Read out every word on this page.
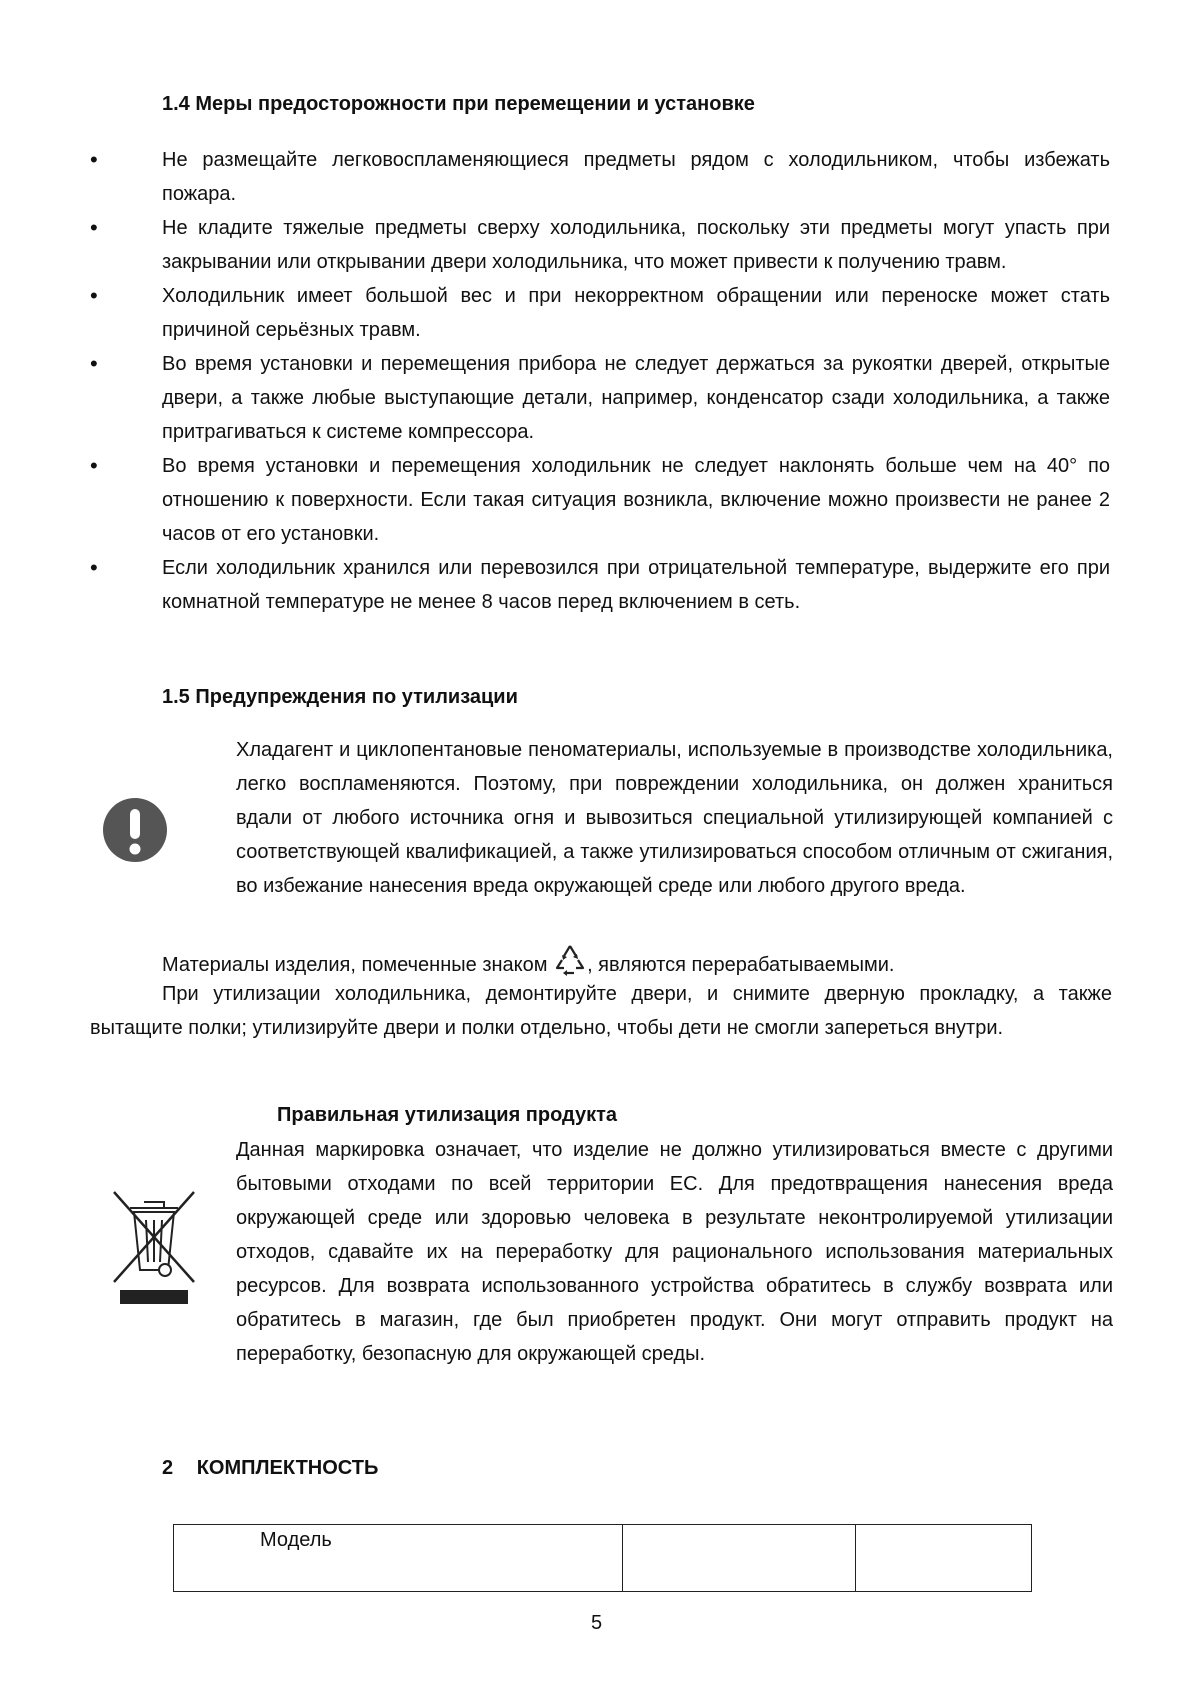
1.4 Меры предосторожности при перемещении и установке
• Не размещайте легковоспламеняющиеся предметы рядом с холодильником, чтобы избежать пожара.
• Не кладите тяжелые предметы сверху холодильника, поскольку эти предметы могут упасть при закрывании или открывании двери холодильника, что может привести к получению травм.
• Холодильник имеет большой вес и при некорректном обращении или переноске может стать причиной серьёзных травм.
• Во время установки и перемещения прибора не следует держаться за рукоятки дверей, открытые двери, а также любые выступающие детали, например, конденсатор сзади холодильника, а также притрагиваться к системе компрессора.
• Во время установки и перемещения холодильник не следует наклонять больше чем на 40° по отношению к поверхности. Если такая ситуация возникла, включение можно произвести не ранее 2 часов от его установки.
• Если холодильник хранился или перевозился при отрицательной температуре, выдержите его при комнатной температуре не менее 8 часов перед включением в сеть.
1.5 Предупреждения по утилизации

Хладагент и циклопентановые пеноматериалы, используемые в производстве холодильника, легко воспламеняются. Поэтому, при повреждении холодильника, он должен храниться вдали от любого источника огня и вывозиться специальной утилизирующей компанией с соответствующей квалификацией, а также утилизироваться способом отличным от сжигания, во избежание нанесения вреда окружающей среде или любого другого вреда.

Материалы изделия, помеченные знаком , являются перерабатываемыми.

При утилизации холодильника, демонтируйте двери, и снимите дверную прокладку, а также вытащите полки; утилизируйте двери и полки отдельно, чтобы дети не смогли запереться внутри.

Правильная утилизация продукта

Данная маркировка означает, что изделие не должно утилизироваться вместе с другими бытовыми отходами по всей территории ЕС. Для предотвращения нанесения вреда окружающей среде или здоровью человека в результате неконтролируемой утилизации отходов, сдавайте их на переработку для рационального использования материальных ресурсов. Для возврата использованного устройства обратитесь в службу возврата или обратитесь в магазин, где был приобретен продукт. Они могут отправить продукт на переработку, безопасную для окружающей среды.

2 КОМПЛЕКТНОСТЬ
Модель		
5
